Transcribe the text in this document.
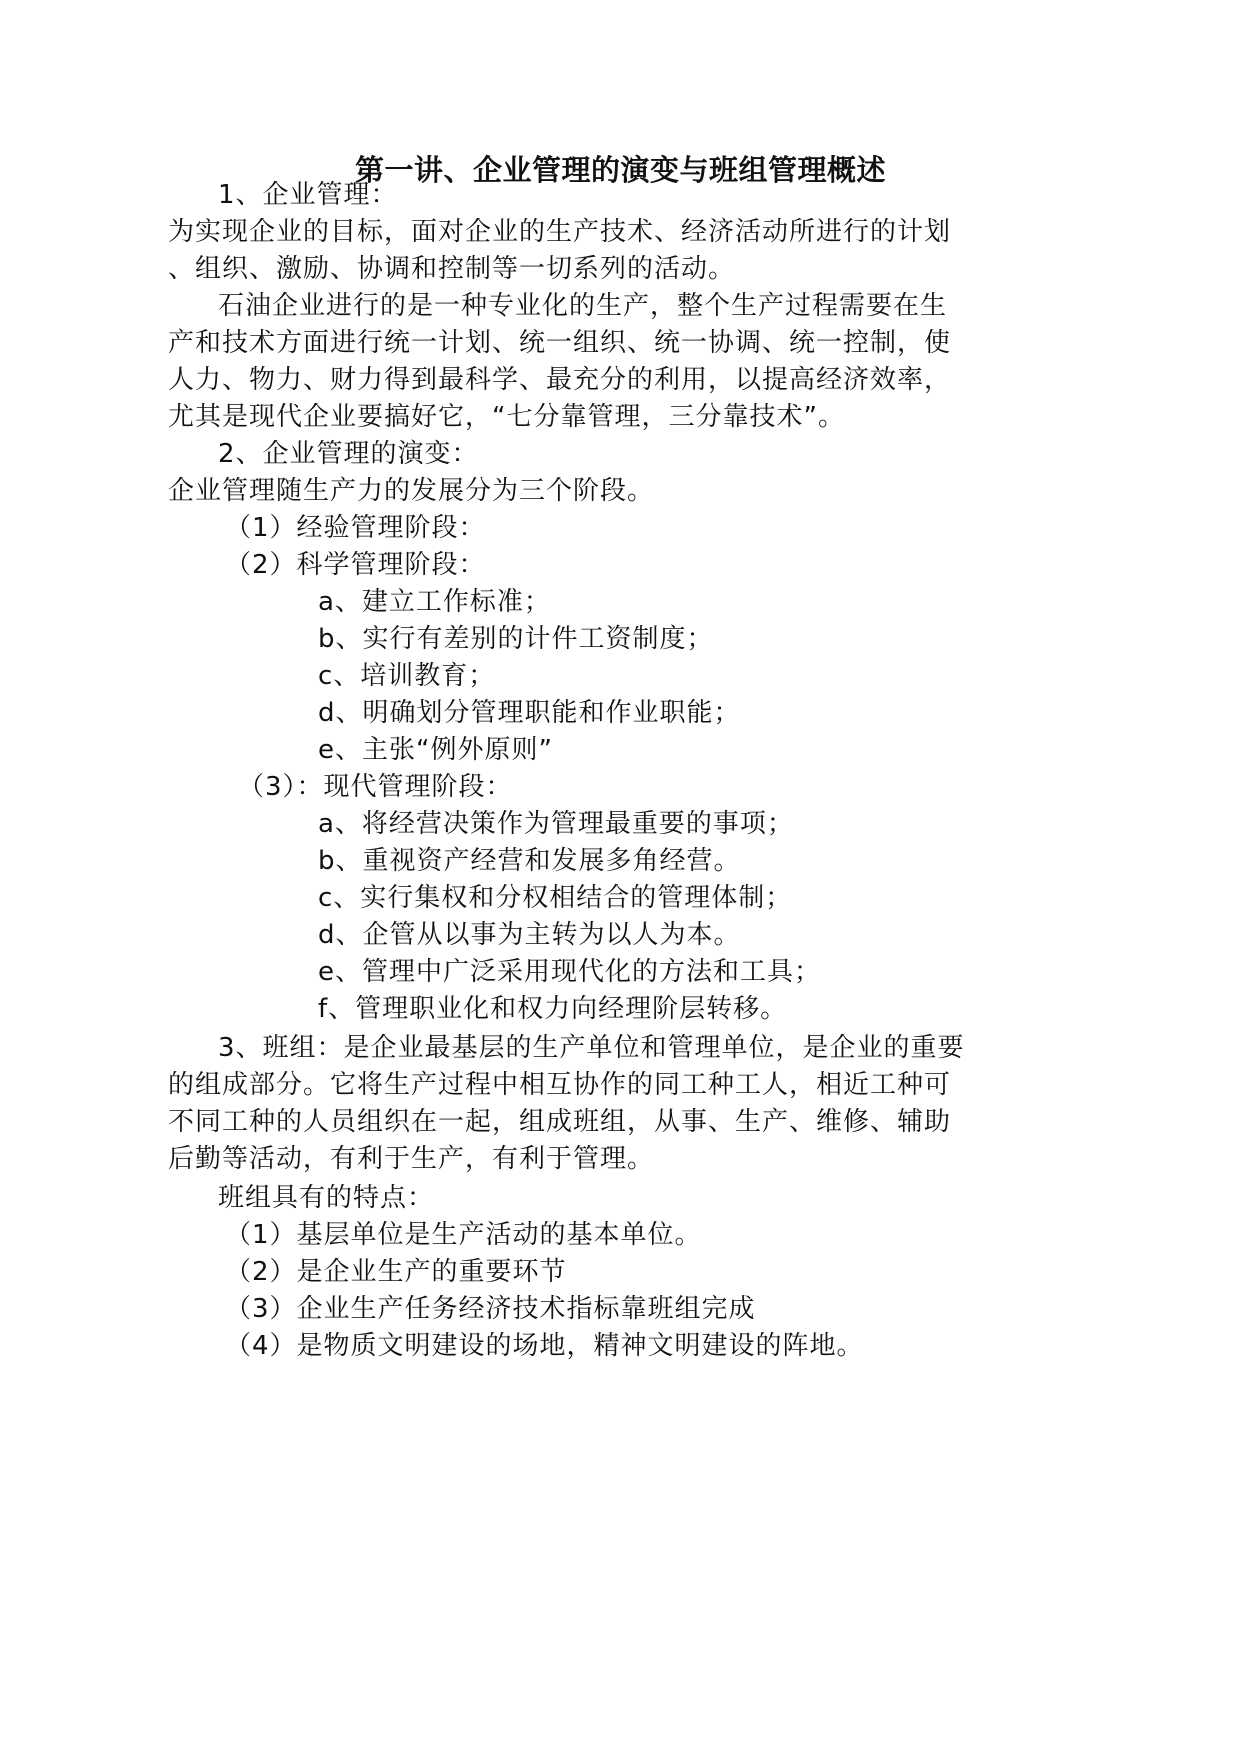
第一讲、企业管理的演变与班组管理概述
1、企业管理：
为实现企业的目标，面对企业的生产技术、经济活动所进行的计划
、组织、激励、协调和控制等一切系列的活动。
石油企业进行的是一种专业化的生产，整个生产过程需要在生
产和技术方面进行统一计划、统一组织、统一协调、统一控制，使
人力、物力、财力得到最科学、最充分的利用，以提高经济效率，
尤其是现代企业要搞好它，“七分靠管理，三分靠技术”。
2、企业管理的演变：
企业管理随生产力的发展分为三个阶段。
（1）经验管理阶段：
（2）科学管理阶段：
a、建立工作标准；
b、实行有差别的计件工资制度；
c、培训教育；
d、明确划分管理职能和作业职能；
e、主张“例外原则”
（3）：现代管理阶段：
a、将经营决策作为管理最重要的事项；
b、重视资产经营和发展多角经营。
c、实行集权和分权相结合的管理体制；
d、企管从以事为主转为以人为本。
e、管理中广泛采用现代化的方法和工具；
f、管理职业化和权力向经理阶层转移。
3、班组：是企业最基层的生产单位和管理单位，是企业的重要
的组成部分。它将生产过程中相互协作的同工种工人，相近工种可
不同工种的人员组织在一起，组成班组，从事、生产、维修、辅助
后勤等活动，有利于生产，有利于管理。
班组具有的特点：
（1）基层单位是生产活动的基本单位。
（2）是企业生产的重要环节
（3）企业生产任务经济技术指标靠班组完成
（4）是物质文明建设的场地，精神文明建设的阵地。
